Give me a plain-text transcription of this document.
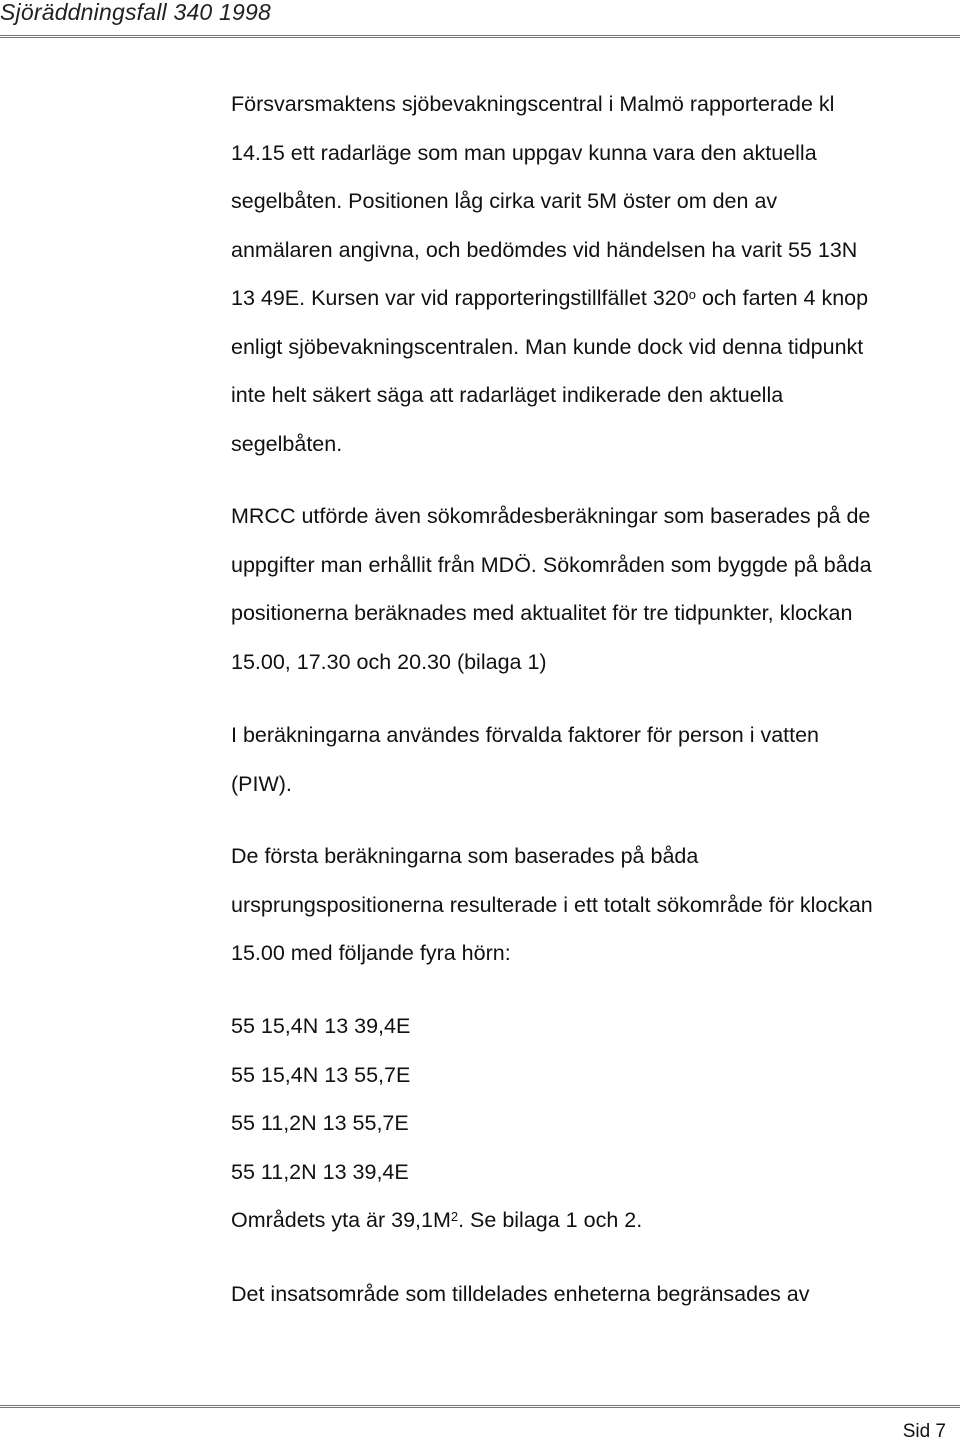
Sjöräddningsfall 340 1998

Försvarsmaktens sjöbevakningscentral i Malmö rapporterade kl
14.15 ett radarläge som man uppgav kunna vara den aktuella
segelbåten. Positionen låg cirka varit 5M öster om den av
anmälaren angivna, och bedömdes vid händelsen ha varit 55 13N
13 49E. Kursen var vid rapporteringstillfället 320$^o$ och farten 4 knop
enligt sjöbevakningscentralen. Man kunde dock vid denna tidpunkt
inte helt säkert säga att radarläget indikerade den aktuella
segelbåten.

MRCC utförde även sökområdesberäkningar som baserades på de
uppgifter man erhållit från MDÖ. Sökområden som byggde på båda
positionerna beräknades med aktualitet för tre tidpunkter, klockan
15.00, 17.30 och 20.30 (bilaga 1)

I beräkningarna användes förvalda faktorer för person i vatten
(PIW).

De första beräkningarna som baserades på båda
ursprungspositionerna resulterade i ett totalt sökområde för klockan
15.00 med följande fyra hörn:

55 15,4N 13 39,4E
55 15,4N 13 55,7E
55 11,2N 13 55,7E
55 11,2N 13 39,4E
Områdets yta är $39,1M^2$. Se bilaga 1 och 2.

Det insatsområde som tilldelades enheterna begränsades av

Sid 7
